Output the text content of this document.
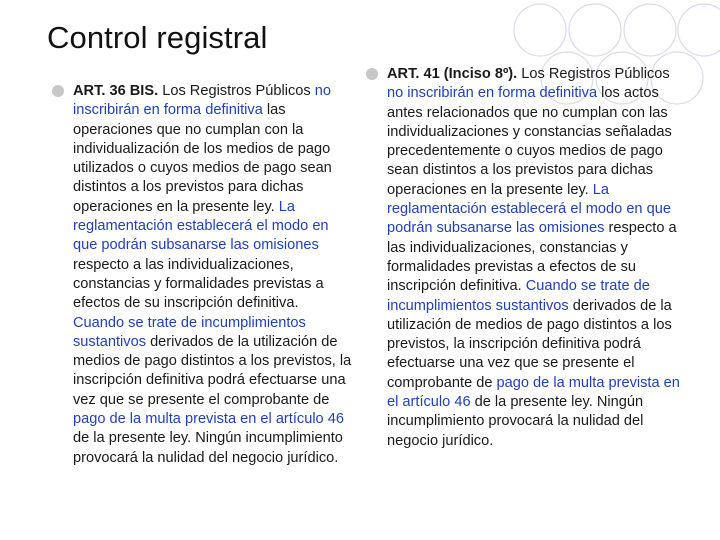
Control registral
ART. 36 BIS. Los Registros Públicos no inscribirán en forma definitiva las operaciones que no cumplan con la individualización de los medios de pago utilizados o cuyos medios de pago sean distintos a los previstos para dichas operaciones en la presente ley. La reglamentación establecerá el modo en que podrán subsanarse las omisiones respecto a las individualizaciones, constancias y formalidades previstas a efectos de su inscripción definitiva. Cuando se trate de incumplimientos sustantivos derivados de la utilización de medios de pago distintos a los previstos, la inscripción definitiva podrá efectuarse una vez que se presente el comprobante de pago de la multa prevista en el artículo 46 de la presente ley. Ningún incumplimiento provocará la nulidad del negocio jurídico.
ART. 41 (Inciso 8º). Los Registros Públicos no inscribirán en forma definitiva los actos antes relacionados que no cumplan con las individualizaciones y constancias señaladas precedentemente o cuyos medios de pago sean distintos a los previstos para dichas operaciones en la presente ley. La reglamentación establecerá el modo en que podrán subsanarse las omisiones respecto a las individualizaciones, constancias y formalidades previstas a efectos de su inscripción definitiva. Cuando se trate de incumplimientos sustantivos derivados de la utilización de medios de pago distintos a los previstos, la inscripción definitiva podrá efectuarse una vez que se presente el comprobante de pago de la multa prevista en el artículo 46 de la presente ley. Ningún incumplimiento provocará la nulidad del negocio jurídico.
